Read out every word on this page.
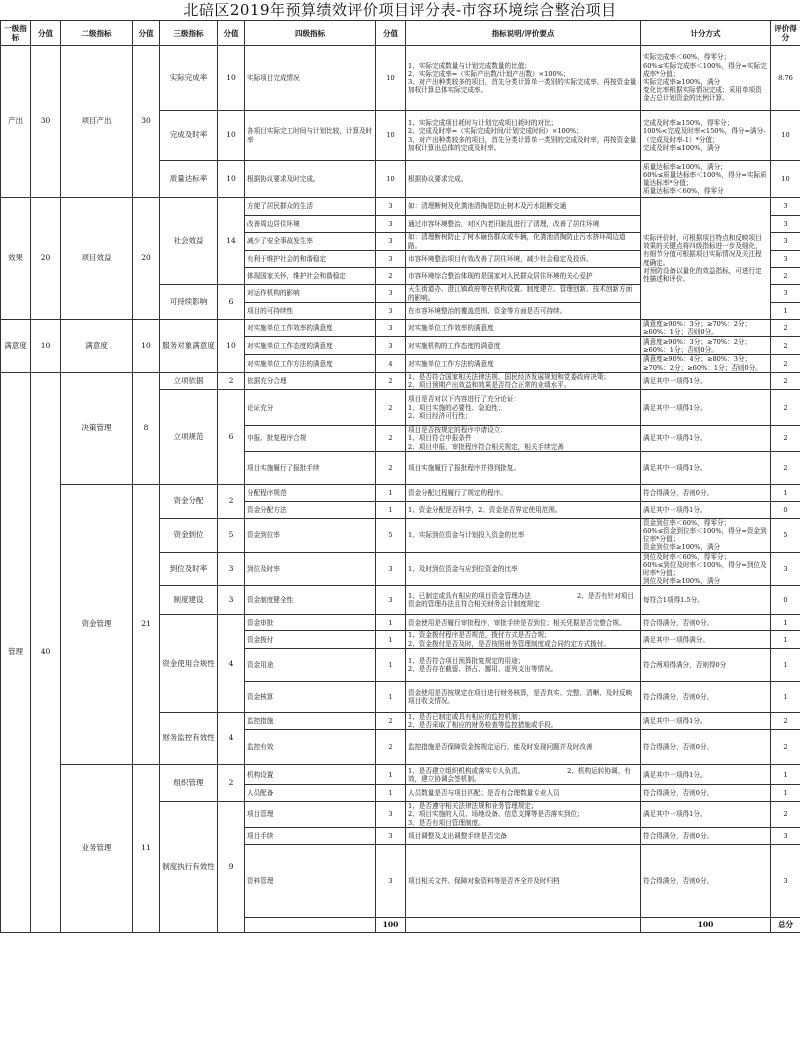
北碚区2019年预算绩效评价项目评分表-市容环境综合整治项目
一级指标	分值	二级指标	分值	三级指标	分值	四级指标	分值	指标说明/评价要点	计分方式	评价得分	
产出	30	项目产出	30	实际完成率	10	实际项目完成情况	10	1、实际完成数量与计划完成数量的比值；
2、实际完成率=（实际产出数/计划产出数）×100%；
3、对产出种类较多的项目，首先分类计算单一类别的实际完成率，再按资金量加权计算总体实际完成率。	实际完成率＜60%，得零分；
60%≤实际完成率＜100%，得分=实际完成率*分值；
实际完成率≥100%，满分
变化比率根据实际情况完成；采用单项资金占总计划资金的比例计算。	8.76	
				完成及时率	10	各项目实际完工时间与计划比较，计算及时率	10	1、实际完成项目耗时与计划完成项目耗时的对比；
2、完成及时率=（实际完成时间/计划完成时间）×100%；
3、对产出种类较多的项目，首先分类计算单一类别的完成及时率，再按资金量加权计算出总体的完成及时率。	完成及时率≥150%，得零分；
100%<完成及时率<150%，得分=满分-（完成及时率-1）*分值；
完成及时率≤100%，满分	10	
				质量达标率	10	根据协议要求及时完成。	10	根据协议要求完成。	质量达标率≥100%，满分；
60%≤质量达标率＜100%，得分=实际质量达标率*分值；
质量达标率＜60%，得零分	10	
效果	20	项目效益	20	社会效益	14	方便了居民群众的生活	3	如：清理断树及化粪池清掏是防止树木及污水阻断交通	实际评价时，可根据项目特点和反映项目效果的关键点将四级指标进一步及细化，有细节分值可根据项目实际情况及关注程度确定。
对预防设备以量化的效益指标，可进行定性描述和评价。	3	
						改善周边居住环境	3	通过市容环境整治，对区内老旧脏乱进行了清理，改善了居住环境		3	
						减少了安全事故发生率	3	如：清理断树防止了树木砸伤群众或车辆，化粪池清掏防止污水挤坏周边道路。		3	
						有利于维护社会的和谐稳定	3	市容环境整治项目有效改善了居住环境，减少社会稳定及投诉。		3	
						体现国家关怀，维护社会和谐稳定	2	市容环境综合整治体现的是国家对人民群众居住环境的关心爱护		2	
				可持续影响	6	对运作机构的影响	3	天生街道办、澄江镇政府等在机构设置、制度建立、管理创新、技术创新方面的影响。		3	
						项目的可持续性	3	在市容环境整治的覆盖范围、资金等方面是否可持续。		1	
满意度	10	满意度	10	服务对象满意度	10	对实施单位工作效率的满意度	3	对实施单位工作效率的满意度	满意度≥90%：3分；≥70%：2分；≥60%：1分；否则0分。	2	
						对实施单位工作态度的满意度	3	对实施机构的工作态度的满意度	满意度≥90%：3分；≥70%：2分；≥60%：1分；否则0分。	2	
						对实施单位工作方法的满意度	4	对实施单位工作方法的满意度	满意度≥90%：4分；≥80%：3分；≥70%：2分；≥60%：1分；否则0分。	2	
管理	40	决策管理	8	立项依据	2	依据充分合理	2	1、是否符合国家相关法律法规、国民经济发展规划和党委政府决策；
2、项目预期产出效益和效果是否符合正常的业绩水平。	满足其中一项得1分。	2	
				立项规范	6	论证充分	2	项目是否对以下内容进行了充分论证：
1、项目实施的必要性、急迫性；
2、项目经济可行性；	满足其中一项得1分。	2	
						申报、批复程序合规	2	项目是否按规定的程序申请设立：
1、项目符合申报条件
2、项目申报、审批程序符合相关规定，相关手续完善	满足其中一项得1分。	2	
						项目实施履行了报批手续	2	项目实施履行了报批程序并得到批复。	满足其中一项得1分。	2	
		资金管理	21	资金分配	2	分配程序规范	1	资金分配过程履行了规定的程序。	符合得满分，否则0分。	1	
						资金分配方法	1	1、资金分配是否科学，2、资金是否界定使用范围。	满足其中一项得1分。	0	
				资金到位	5	资金到位率	5	1、实际到位资金与计划投入资金的比率	资金到位率＜60%，得零分；
60%≤资金到位率＜100%，得分=资金到位率*分值；
资金到位率≥100%，满分	5	
				到位及时率	3	到位及时率	3	1、及时到位资金与应到位资金的比率	到位及时率＜60%，得零分；
60%≤到位及时率＜100%，得分=到位及时率*分值；
到位及时率≥100%，满分	3	
				制度建设	3	资金制度健全性	3	1、已制定或具有相应的项目资金管理办法　　　　　　　2、是否有针对项目资金的管理办法且符合相关财务会计制度规定	每符合1项得1.5分。	0	
				资金使用合规性	4	资金审批	1	资金使用是否履行审批程序，审批手续是否到位；相关凭据是否完整合规。	符合得满分，否则0分。	1	
						资金拨付	1	1、资金拨付程序是否规范，拨付方式是否合规；
2、资金拨付是否及时，是否按照财务管理制度或合同约定方式拨付。	满足其中一项得满分。	1	
						资金用途	1	1、是否符合项目预算批复规定的用途；
2、是否存在截留、挤占、挪用、虚列支出等情况。	符合两项得满分，否则得0分	1	
						资金核算	1	资金使用是否按规定在项目进行财务核算，是否真实、完整、清晰、及时反映项目收支情况。	符合得满分，否则0分。	1	
				财务监控有效性	4	监控措施	2	1、是否已制定或具有相应的监控机制；
2、是否采取了相应的财务检查等监控措施或手段。	满足其中一项得1分。	2	
						监控有效	2	监控措施是否保障资金按规定运行，能及时发现问题并及时改善	符合得满分，否则0分。	2	
		业务管理	11	组织管理	2	机构设置	1	1、是否建立组织机构或落实专人负责。　　　　　　　2、机构运转协调、有效，建立协调会签机制。	满足其中一项得1分。	1	
						人员配备	1	人员数量是否与项目匹配；是否有合理数量专业人员	符合得满分，否则0分。	1	
				制度执行有效性	9	项目管理	3	1、是否遵守相关法律法规和业务管理规定；
2、项目实施的人员、场地设备、信息支撑等是否落实到位；
3、是否有项目管理制度。	满足其中一项得1分。	2	
						项目手续	3	项目调整及支出调整手续是否完备	符合得满分，否则0分。	3	
						资料管理	3	项目相关文件、保障对象资料等是否齐全并及时归档	符合得满分，否则0分。	3	
							100		100	总分						
